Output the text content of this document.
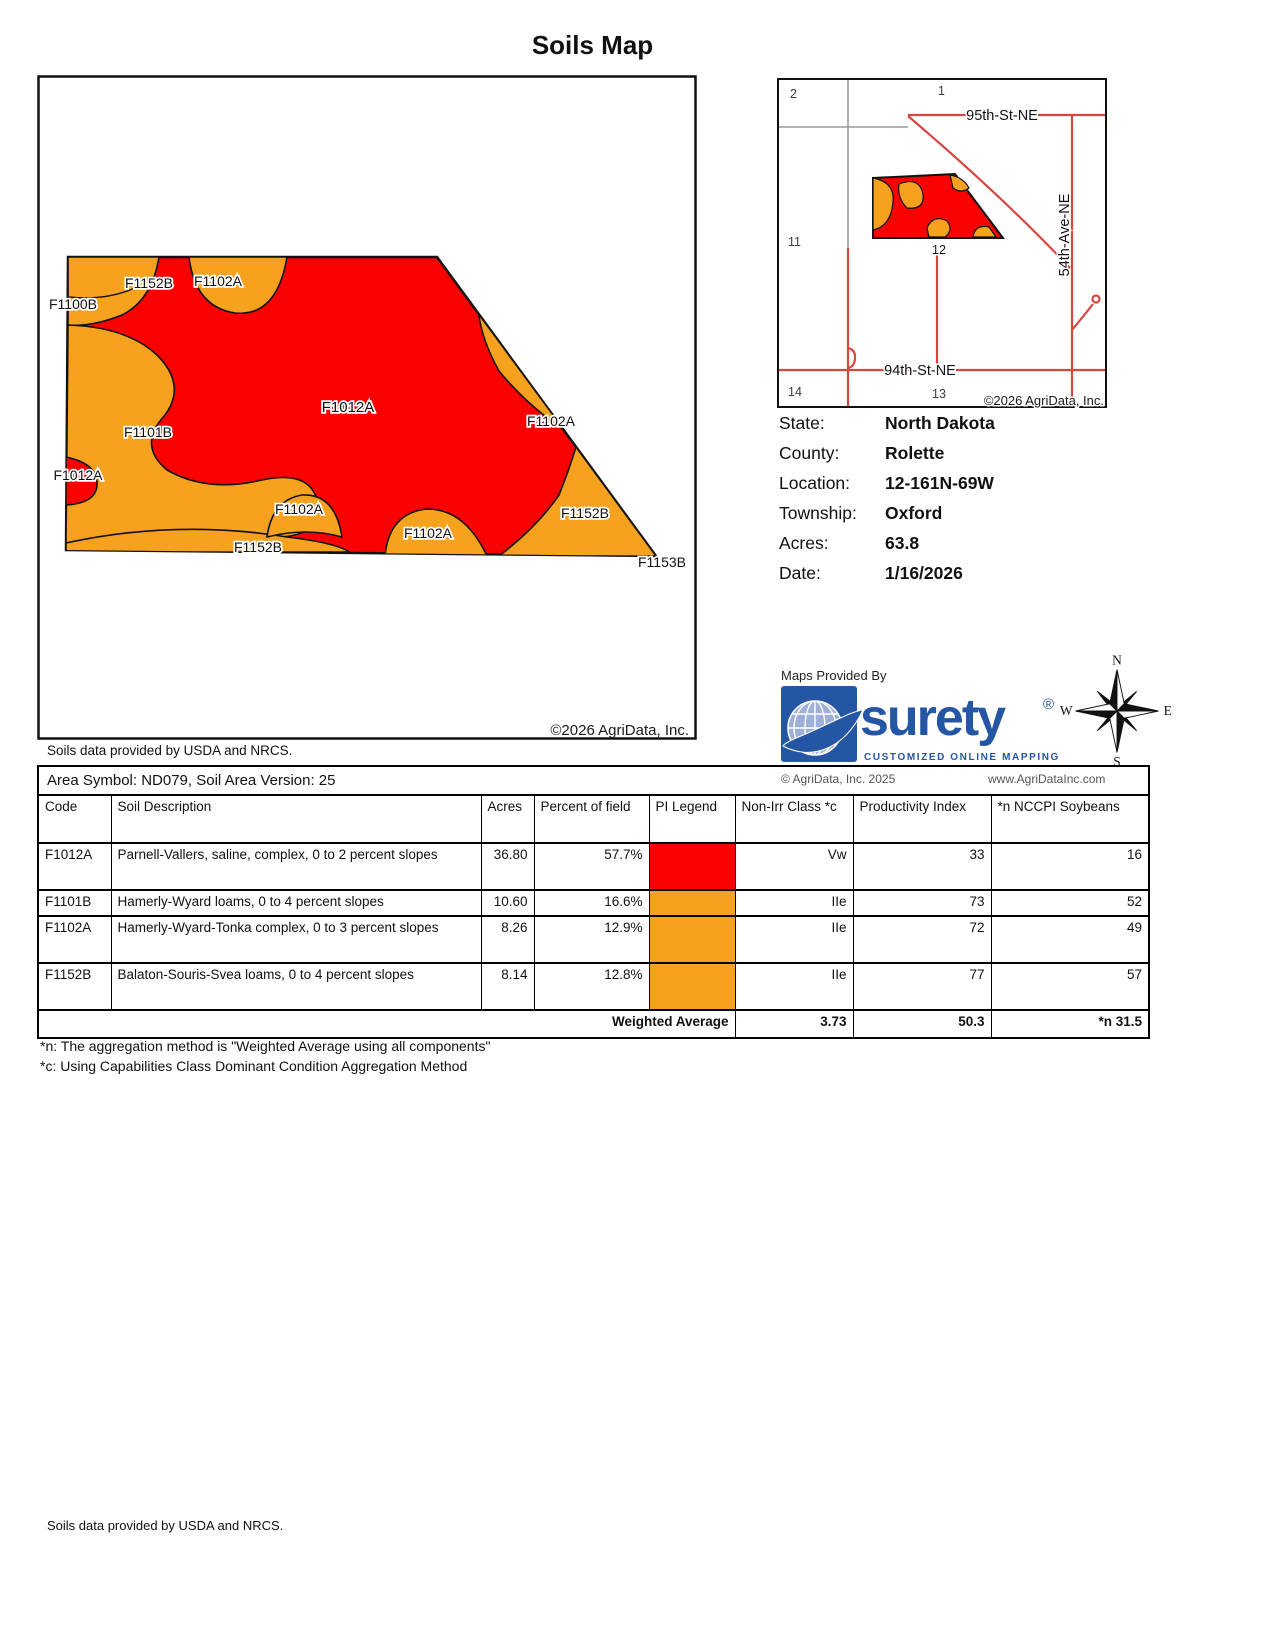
Soils Map
F1152B F1102A
F1100B
F1012A
F1101B
F1102A
F1012A
F1102A
F1102A
F1152B
F1152B
F1153B
©2026 AgriData, Inc.
Soils data provided by USDA and NRCS.
2	1
11
12
14	13
95th-St-NE
94th-St-NE
54th-Ave-NE
©2026 AgriData, Inc.
State:	North Dakota
County:	Rolette
Location:	12-161N-69W
Township:	Oxford
Acres:	63.8
Date:	1/16/2026
Maps Provided By
surety	®
CUSTOMIZED ONLINE MAPPING
© AgriData, Inc. 2025	www.AgriDataInc.com
N
S
E
W
Area Symbol: ND079, Soil Area Version: 25							
Code	Soil Description	Acres	Percent of field	PI Legend	Non-Irr Class *c	Productivity Index	*n NCCPI Soybeans
F1012A	Parnell-Vallers, saline, complex, 0 to 2 percent slopes	36.80	57.7%		Vw	33	16
F1101B	Hamerly-Wyard loams, 0 to 4 percent slopes	10.60	16.6%		IIe	73	52
F1102A	Hamerly-Wyard-Tonka complex, 0 to 3 percent slopes	8.26	12.9%		IIe	72	49
F1152B	Balaton-Souris-Svea loams, 0 to 4 percent slopes	8.14	12.8%		IIe	77	57
Weighted Average					3.73	50.3	*n 31.5
*n: The aggregation method is "Weighted Average using all components"
*c: Using Capabilities Class Dominant Condition Aggregation Method
Soils data provided by USDA and NRCS.
